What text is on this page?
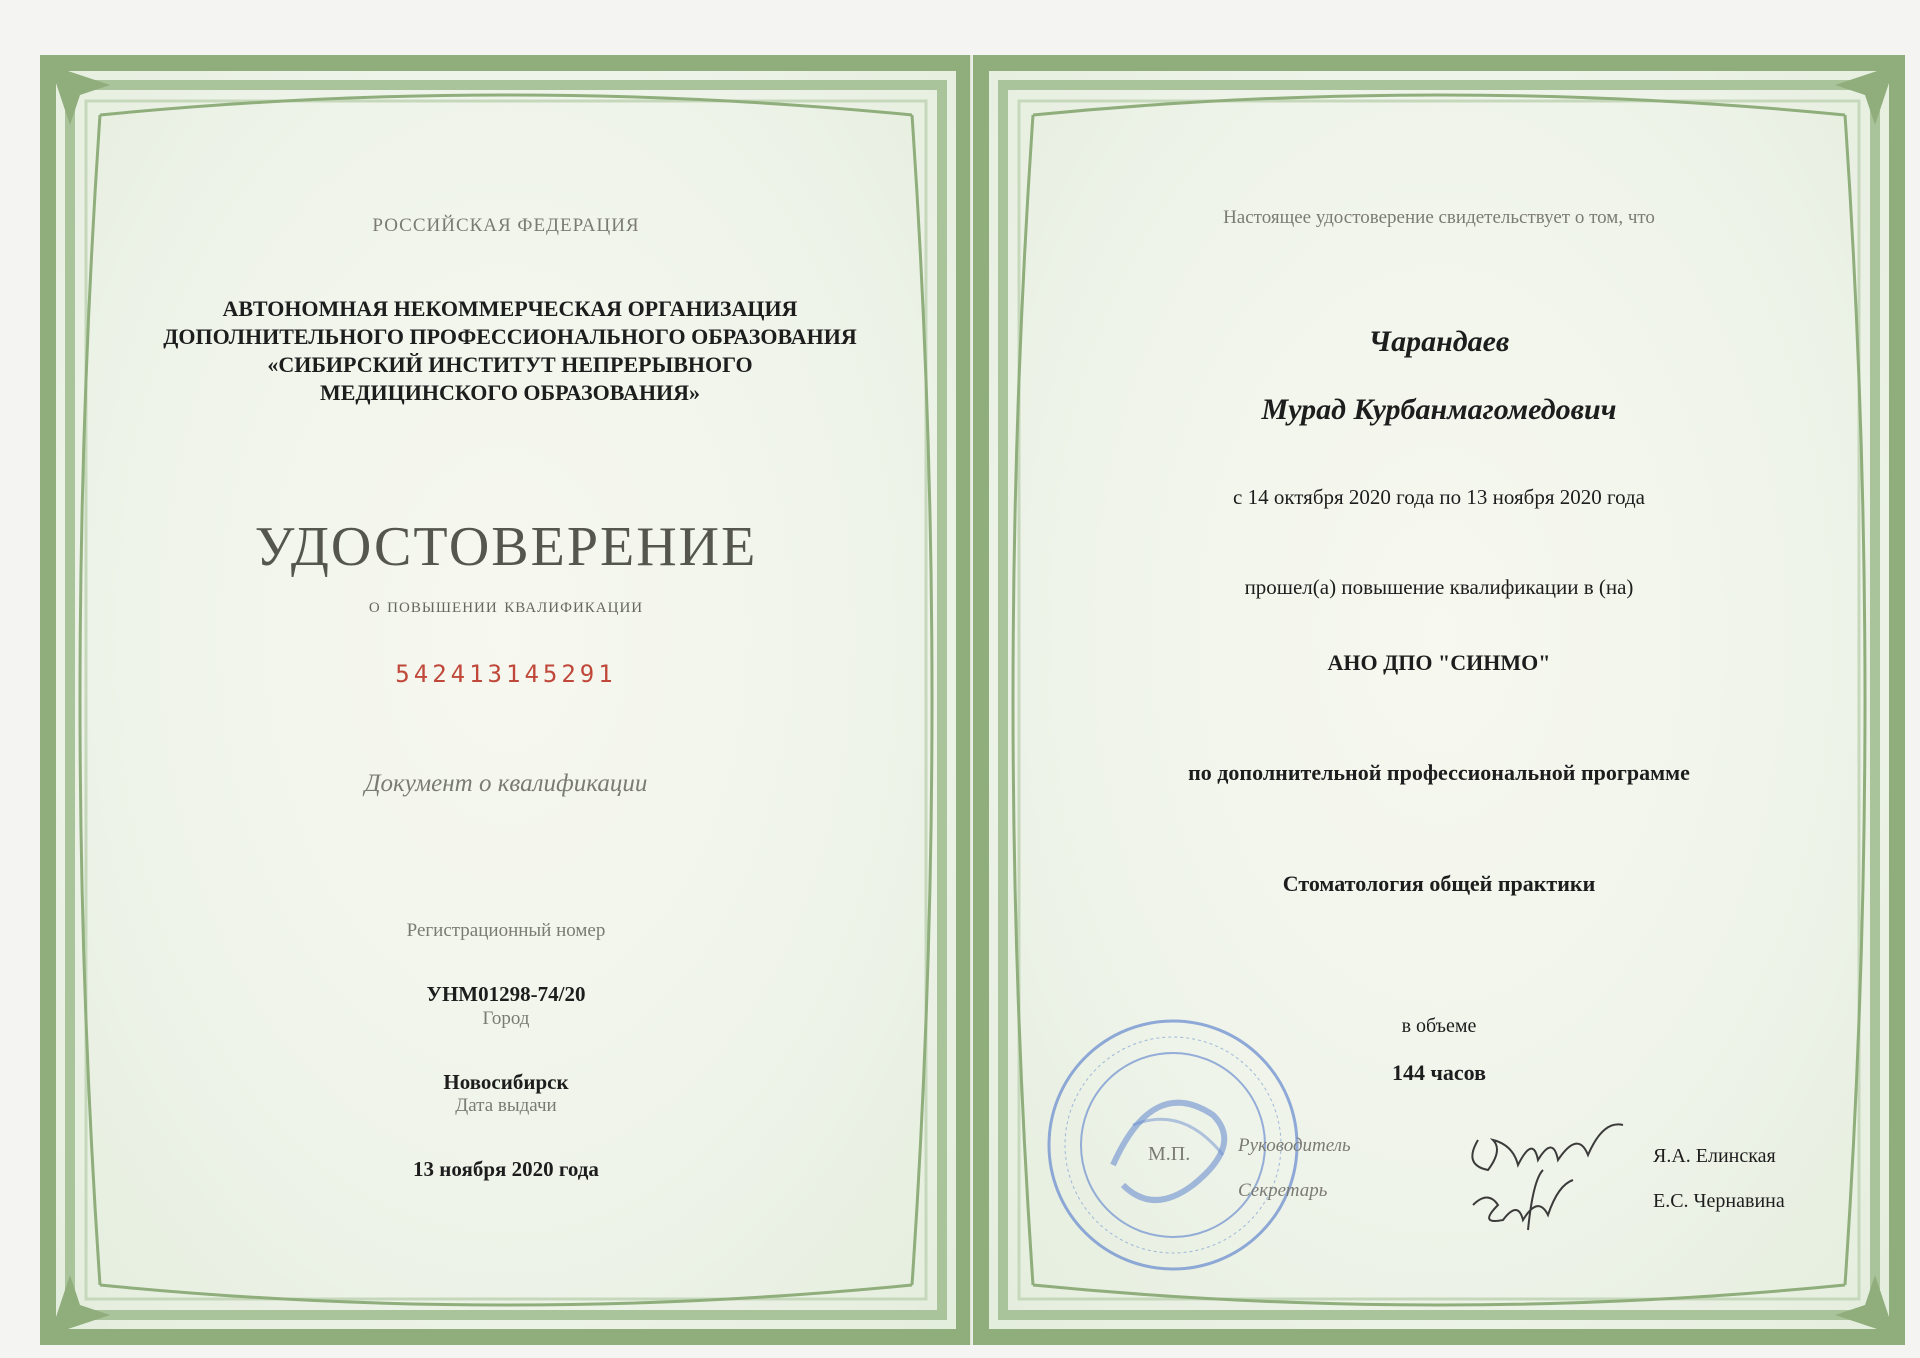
РОССИЙСКАЯ ФЕДЕРАЦИЯ

АВТОНОМНАЯ НЕКОММЕРЧЕСКАЯ ОРГАНИЗАЦИЯ
ДОПОЛНИТЕЛЬНОГО ПРОФЕССИОНАЛЬНОГО ОБРАЗОВАНИЯ
«СИБИРСКИЙ ИНСТИТУТ НЕПРЕРЫВНОГО
МЕДИЦИНСКОГО ОБРАЗОВАНИЯ»

УДОСТОВЕРЕНИЕ

о повышении квалификации

542413145291

Документ о квалификации

Регистрационный номер

УНМ01298-74/20

Город

Новосибирск

Дата выдачи

13 ноября 2020 года

Настоящее удостоверение свидетельствует о том, что

Чарандаев

Мурад Курбанмагомедович

с 14 октября 2020 года по 13 ноября 2020 года

прошел(а) повышение квалификации в (на)

АНО ДПО "СИНМО"

по дополнительной профессиональной программе

Стоматология общей практики

в объеме

144 часов

М.П.	Руководитель
Секретарь
Я.А. Елинская
Е.С. Чернавина
